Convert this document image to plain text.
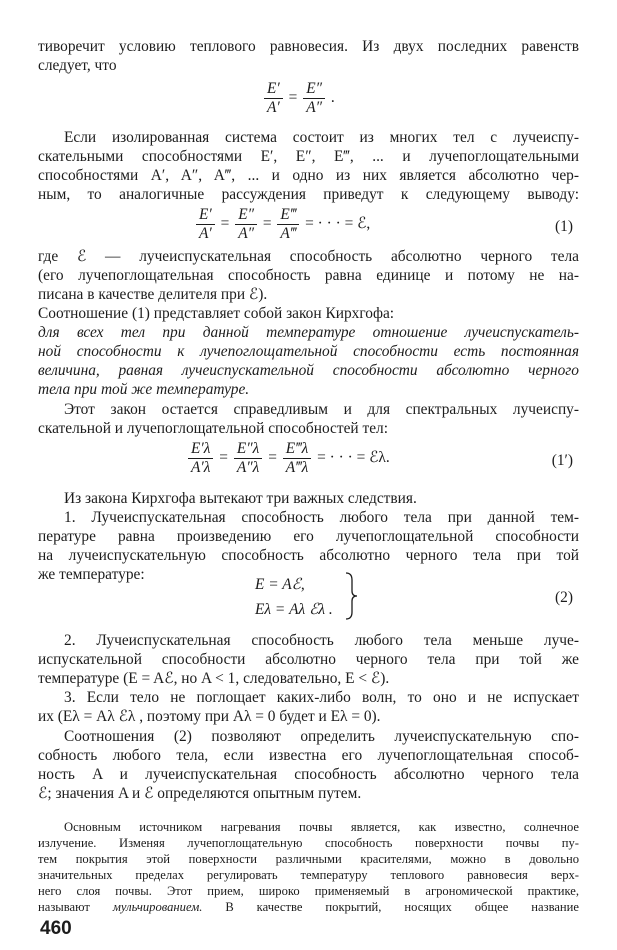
тиворечит условию теплового равновесия. Из двух последних равенств
следует, что
$\frac{E'}{A'} = \frac{E''}{A''}$ .
Если изолированная система состоит из многих тел с лучеиспу-
скательными способностями E′, E″, E‴, ... и лучепоглощательными
способностями A′, A″, A‴, ... и одно из них является абсолютно чер-
ным, то аналогичные рассуждения приведут к следующему выводу:
$\frac{E'}{A'} = \frac{E''}{A''} = \frac{E‴}{A‴}$ = · · · = ℰ,	(1)
где ℰ — лучеиспускательная способность абсолютно черного тела
(его лучепоглощательная способность равна единице и потому не на-
писана в качестве делителя при ℰ).
Соотношение (1) представляет собой закон Кирхгофа:
для всех тел при данной температуре отношение лучеиспускатель-
ной способности к лучепоглощательной способности есть постоянная
величина, равная лучеиспускательной способности абсолютно черного
тела при той же температуре.
Этот закон остается справедливым и для спектральных лучеиспу-
скательной и лучепоглощательной способностей тел:
$\frac{E'\lambda}{A'\lambda} = \frac{E''\lambda}{A''\lambda} = \frac{E‴\lambda}{A‴\lambda}$ = · · · = ℰλ.	(1′)
Из закона Кирхгофа вытекают три важных следствия.
1. Лучеиспускательная способность любого тела при данной тем-
пературе равна произведению его лучепоглощательной способности
на лучеиспускательную способность абсолютно черного тела при той
же температуре:
E = Aℰ,
Eλ = Aλ ℰλ .
(2)
2. Лучеиспускательная способность любого тела меньше луче-
испускательной способности абсолютно черного тела при той же
температуре (E = Aℰ, но A < 1, следовательно, E < ℰ).
3. Если тело не поглощает каких-либо волн, то оно и не испускает
их (Eλ = Aλ ℰλ , поэтому при Aλ = 0 будет и Eλ = 0).
Соотношения (2) позволяют определить лучеиспускательную спо-
собность любого тела, если известна его лучепоглощательная способ-
ность A и лучеиспускательная способность абсолютно черного тела
ℰ; значения A и ℰ определяются опытным путем.
Основным источником нагревания почвы является, как известно, солнечное
излучение. Изменяя лучепоглощательную способность поверхности почвы пу-
тем покрытия этой поверхности различными красителями, можно в довольно
значительных пределах регулировать температуру теплового равновесия верх-
него слоя почвы. Этот прием, широко применяемый в агрономической практике,
называют мульчированием. В качестве покрытий, носящих общее название
460
